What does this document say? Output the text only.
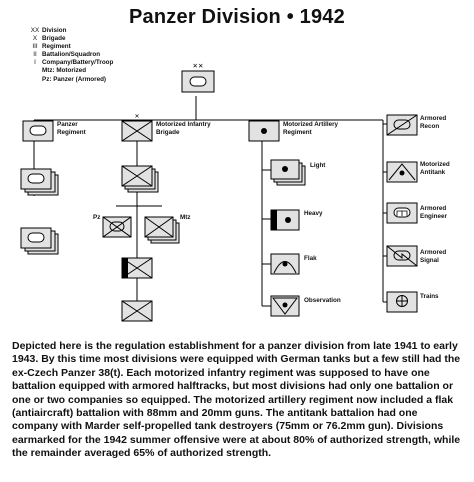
✕✕
✕
Panzer Division • 1942
XX Division
X Brigade
III Regiment
II Battalion/Squadron
I Company/Battery/Troop
Mtz: Motorized
Pz: Panzer (Armored)
Panzer Regiment
Motorized Infantry Brigade
Motorized Artillery Regiment
Pz	Mtz
Light
Heavy
Flak
Observation
Armored Recon
Motorized Antitank
Armored Engineer
Armored Signal
Trains
Depicted here is the regulation establishment for a panzer division from late 1941 to early 1943. By this time most divisions were equipped with German tanks but a few still had the ex-Czech Panzer 38(t). Each motorized infantry regiment was supposed to have one battalion equipped with armored halftracks, but most divisions had only one battalion or one or two companies so equipped. The motorized artillery regiment now included a flak (antiaircraft) battalion with 88mm and 20mm guns. The antitank battalion had one company with Marder self-propelled tank destroyers (75mm or 76.2mm gun). Divisions earmarked for the 1942 summer offensive were at about 80% of authorized strength, while the remainder averaged 65% of authorized strength.
